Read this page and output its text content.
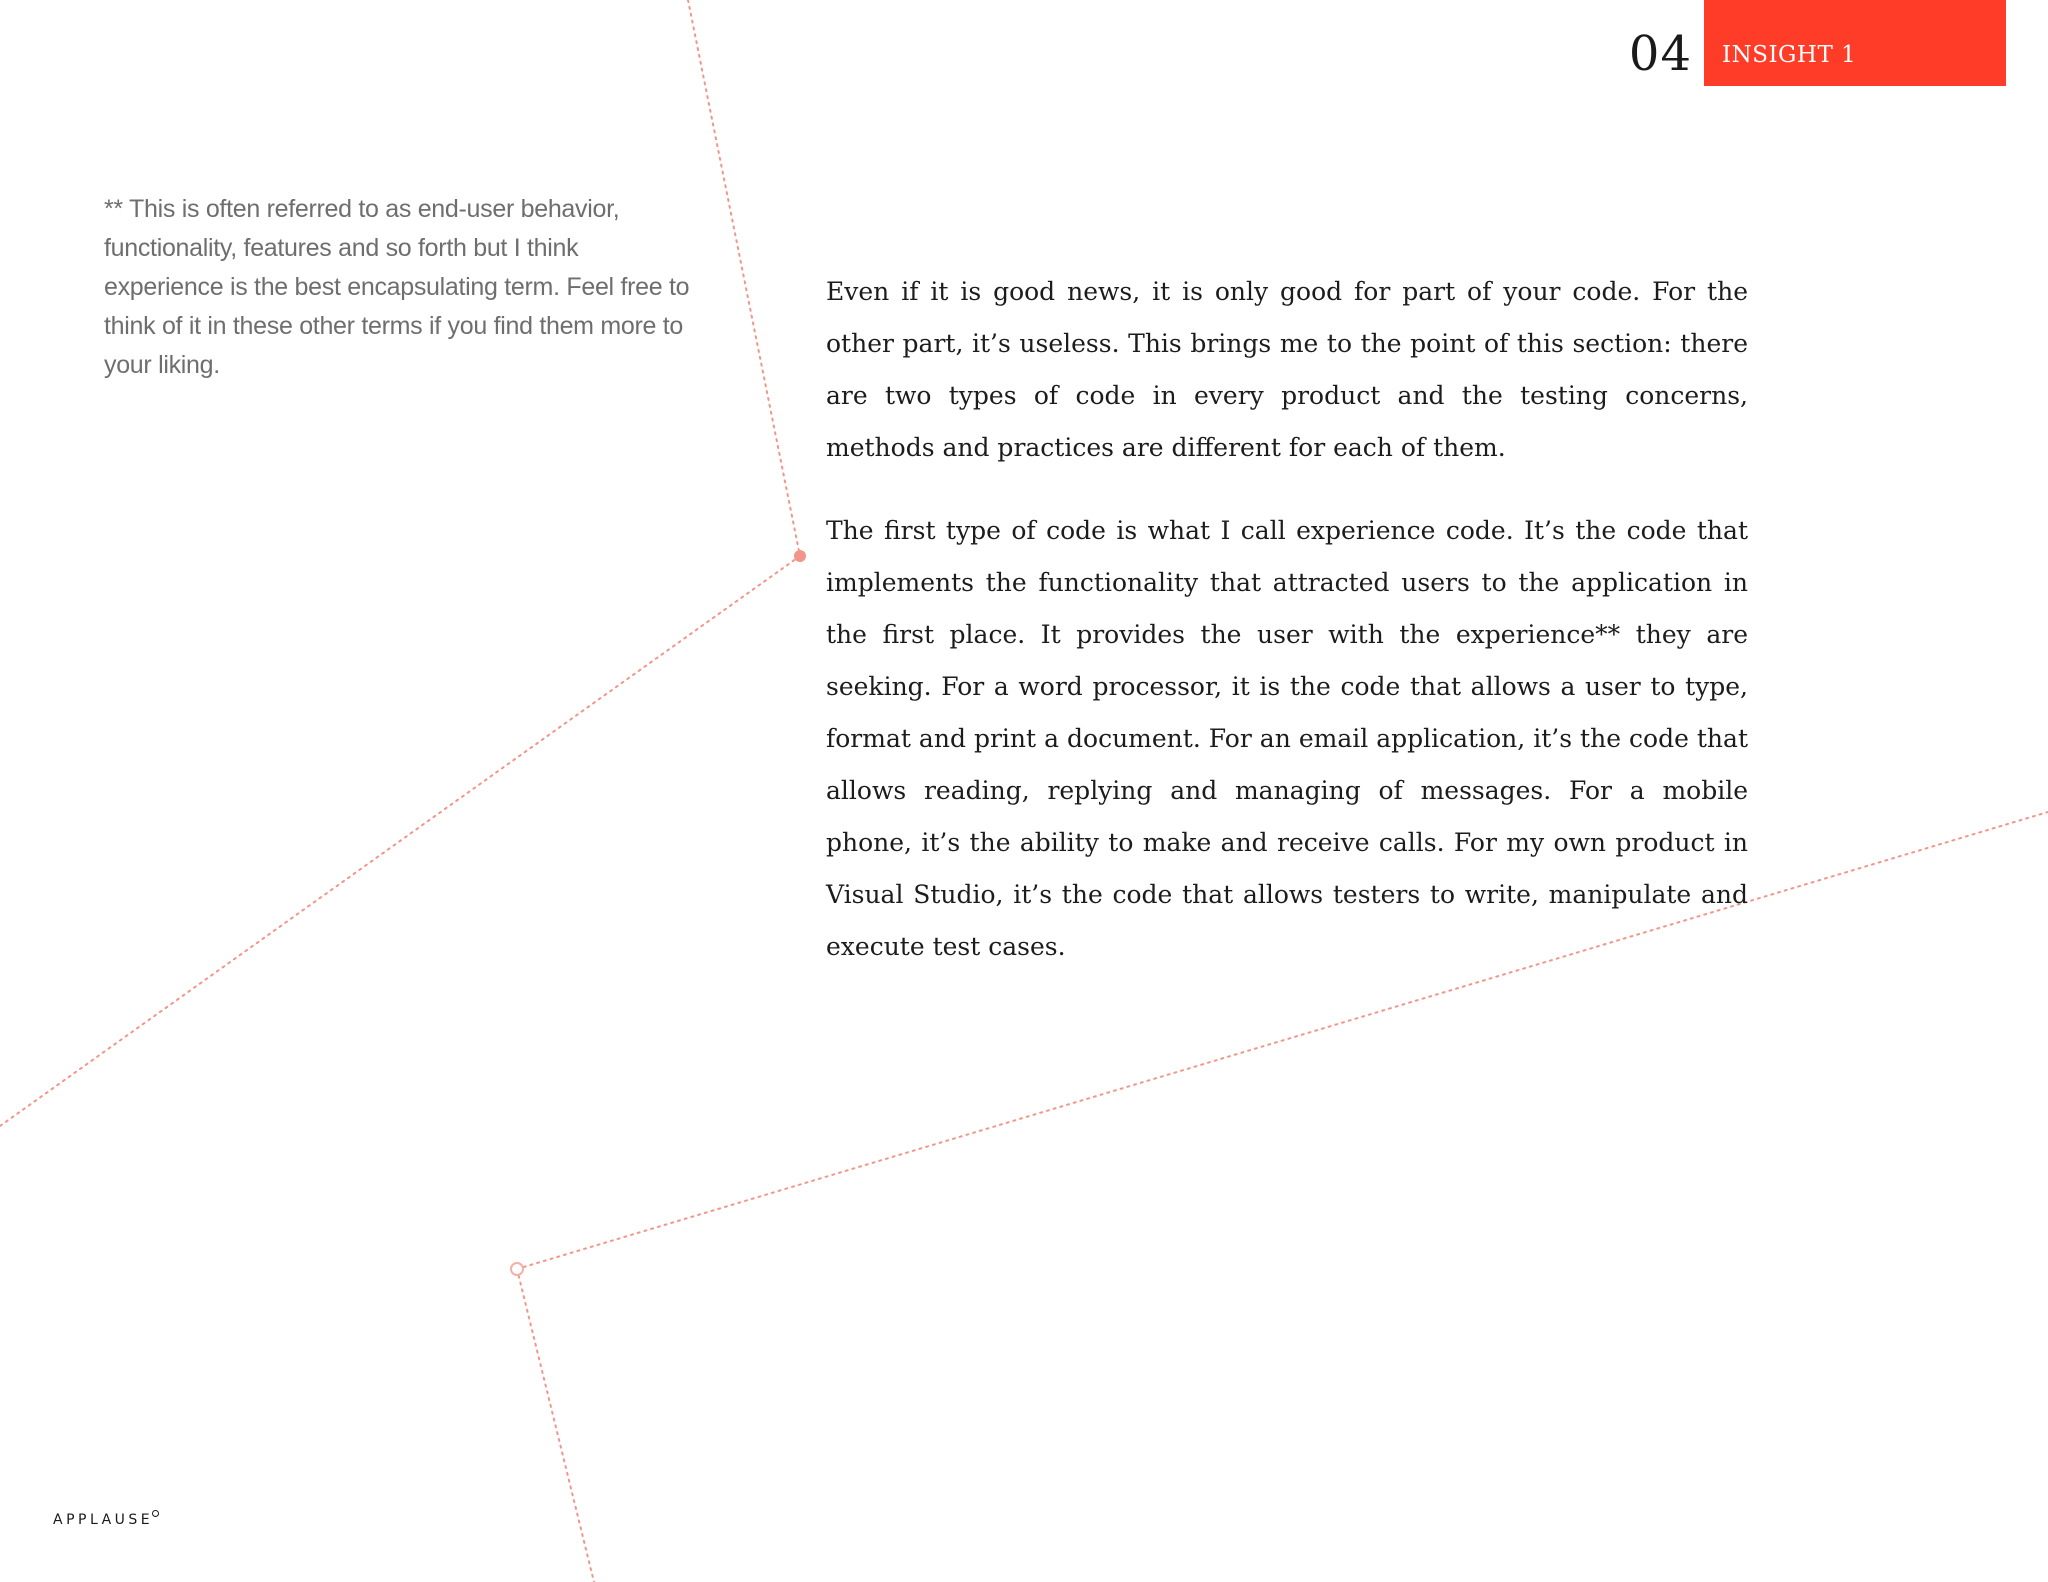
04 INSIGHT 1
** This is often referred to as end-user behavior, functionality, features and so forth but I think experience is the best encapsulating term. Feel free to think of it in these other terms if you find them more to your liking.

Even if it is good news, it is only good for part of your code. For the other part, it’s useless. This brings me to the point of this section: there are two types of code in every product and the testing concerns, methods and practices are different for each of them.

The first type of code is what I call experience code. It’s the code that implements the functionality that attracted users to the application in the first place. It provides the user with the experience** they are seeking. For a word processor, it is the code that allows a user to type, format and print a document. For an email application, it’s the code that allows reading, replying and managing of messages. For a mobile phone, it’s the ability to make and receive calls. For my own product in Visual Studio, it’s the code that allows testers to write, manipulate and execute test cases.

APPLAUSE
